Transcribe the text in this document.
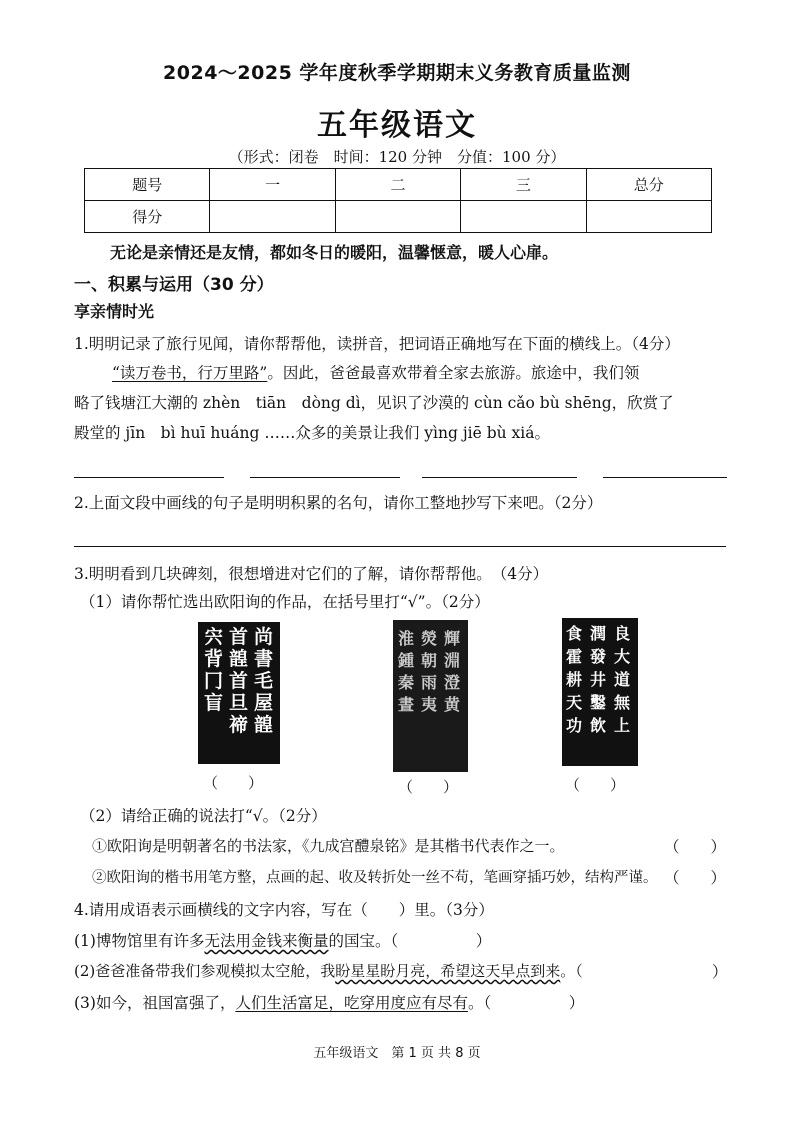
2024～2025 学年度秋季学期期末义务教育质量监测
五年级语文
（形式：闭卷　时间：120 分钟　分值：100 分）
题号	一	二	三	总分
得分				
无论是亲情还是友情，都如冬日的暖阳，温馨惬意，暖人心扉。
一、积累与运用（30 分）
享亲情时光
1.明明记录了旅行见闻，请你帮帮他，读拼音，把词语正确地写在下面的横线上。（4分）
“读万卷书，行万里路”。因此，爸爸最喜欢带着全家去旅游。旅途中，我们领
略了钱塘江大潮的 zhèn　tiān　dòng dì，见识了沙漠的 cùn cǎo bù shēng，欣赏了
殿堂的 jīn　bì huī huáng ……众多的美景让我们 yìng jiē bù xiá。
2.上面文段中画线的句子是明明积累的名句，请你工整地抄写下来吧。（2分）
3.明明看到几块碑刻，很想增进对它们的了解，请你帮帮他。　（4分）
（1）请你帮忙选出欧阳询的作品，在括号里打“√”。（2分）
宍背冂盲
首韹首旦禘
尚書毛屋韹
（　　）
淮鍾秦晝
熒朝雨夷
輝淵澄黄
（　　）
食霍耕天功
潤發井鑿飲
良大道無上
（　　）
（2）请给正确的说法打“√。（2分）
①欧阳询是明朝著名的书法家，《九成宫醴泉铭》是其楷书代表作之一。	（　　）
②欧阳询的楷书用笔方整，点画的起、收及转折处一丝不苟，笔画穿插巧妙，结构严谨。 （　　）
4.请用成语表示画横线的文字内容，写在（　　）里。（3分）
(1)博物馆里有许多无法用金钱来衡量的国宝。（　　　　　）
(2)爸爸准备带我们参观模拟太空舱，我盼星星盼月亮，希望这天早点到来。（	）
(3)如今，祖国富强了，人们生活富足，吃穿用度应有尽有。（　　　　　）
五年级语文　第 1 页 共 8 页
